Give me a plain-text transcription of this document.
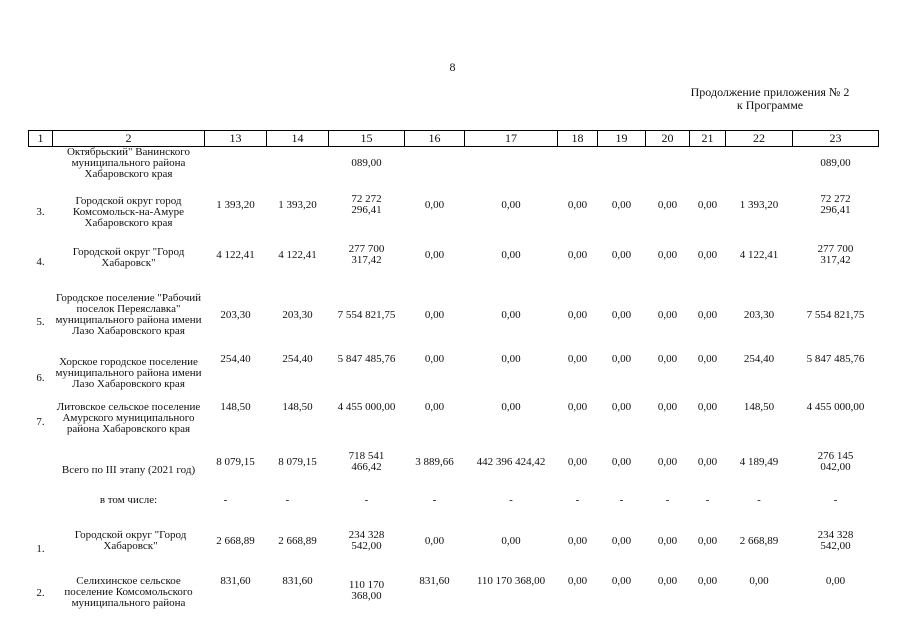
8
Продолжение приложения № 2
к Программе
1	2	13	14	15	16	17	18	19	20	21	22	23
	Октябрьский" Ванинского муниципального района Хабаровского края			089,00								089,00
3.	Городской округ город Комсомольск-на-Амуре Хабаровского края	1 393,20	1 393,20	72 272
296,41	0,00	0,00	0,00	0,00	0,00	0,00	1 393,20	72 272
296,41
4.	Городской округ "Город Хабаровск"	4 122,41	4 122,41	277 700
317,42	0,00	0,00	0,00	0,00	0,00	0,00	4 122,41	277 700
317,42
5.	Городское поселение "Рабочий поселок Переяславка" муниципального района имени Лазо Хабаровского края	203,30	203,30	7 554 821,75	0,00	0,00	0,00	0,00	0,00	0,00	203,30	7 554 821,75
6.	Хорское городское поселение муниципального района имени Лазо Хабаровского края	254,40	254,40	5 847 485,76	0,00	0,00	0,00	0,00	0,00	0,00	254,40	5 847 485,76
7.	Литовское сельское поселение Амурского муниципального района Хабаровского края	148,50	148,50	4 455 000,00	0,00	0,00	0,00	0,00	0,00	0,00	148,50	4 455 000,00
	Всего по III этапу (2021 год)	8 079,15	8 079,15	718 541
466,42	3 889,66	442 396 424,42	0,00	0,00	0,00	0,00	4 189,49	276 145
042,00
	в том числе:	-	-	-	-	-	-	-	-	-	-	-
1.	Городской округ "Город Хабаровск"	2 668,89	2 668,89	234 328
542,00	0,00	0,00	0,00	0,00	0,00	0,00	2 668,89	234 328
542,00
2.	Селихинское сельское поселение Комсомольского муниципального района	831,60	831,60	110 170
368,00	831,60	110 170 368,00	0,00	0,00	0,00	0,00	0,00	0,00
